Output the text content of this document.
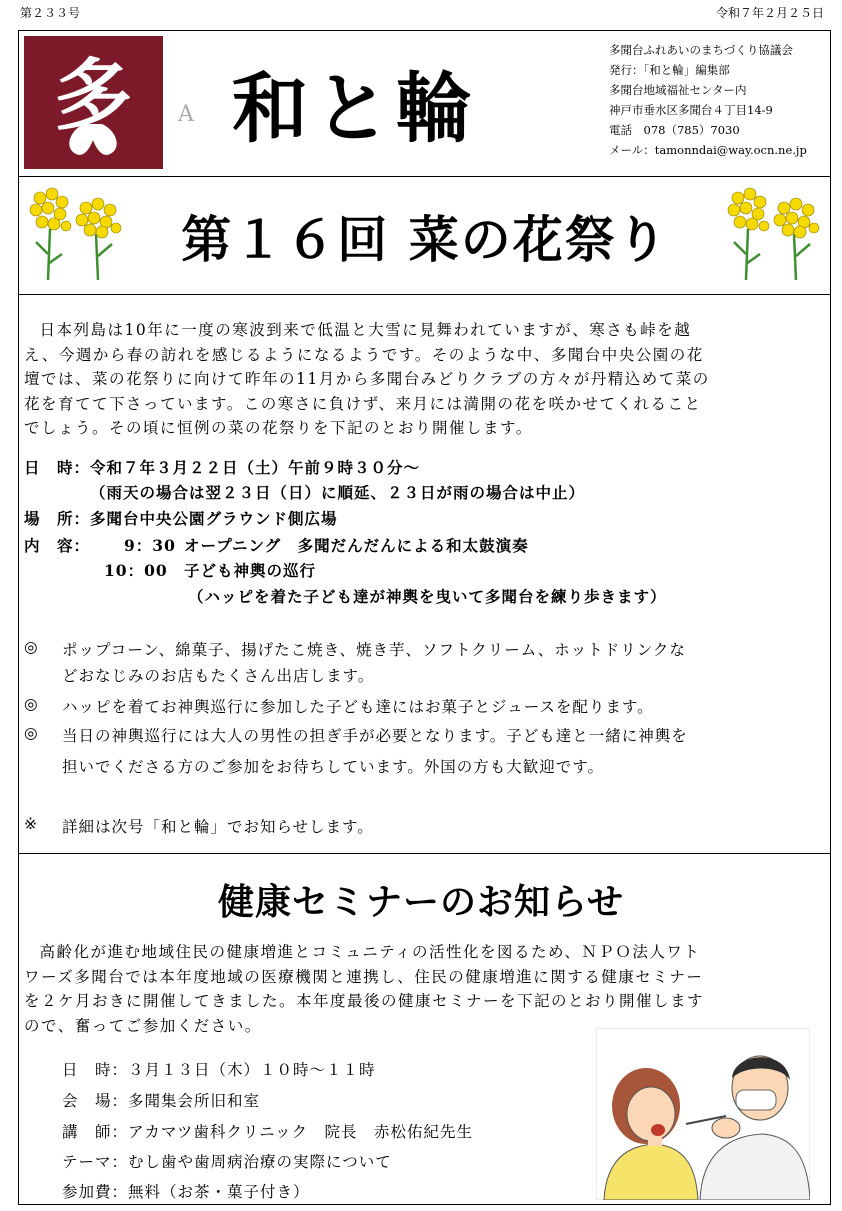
第２３３号	令和７年２月２５日
多 A 和と輪
多聞台ふれあいのまちづくり協議会
発行：「和と輪」編集部
多聞台地域福祉センター内
神戸市垂水区多聞台４丁目14-9
電話　078（785）7030
メール：tamonndai@way.ocn.ne.jp
第１６回 菜の花祭り

日本列島は10年に一度の寒波到来で低温と大雪に見舞われていますが、寒さも峠を越

え、今週から春の訪れを感じるようになるようです。そのような中、多聞台中央公園の花
壇では、菜の花祭りに向けて昨年の11月から多聞台みどりクラブの方々が丹精込めて菜の
花を育てて下さっています。この寒さに負けず、来月には満開の花を咲かせてくれること
でしょう。その頃に恒例の菜の花祭りを下記のとおり開催します。
日　時：令和７年３月２２日（土）午前９時３０分～
（雨天の場合は翌２３日（日）に順延、２３日が雨の場合は中止）
場　所：多聞台中央公園グラウンド側広場
内　容： 9：30 オープニング　多聞だんだんによる和太鼓演奏
10：00 子ども神輿の巡行
（ハッピを着た子ども達が神輿を曳いて多聞台を練り歩きます）
◎ ポップコーン、綿菓子、揚げたこ焼き、焼き芋、ソフトクリーム、ホットドリンクな
どおなじみのお店もたくさん出店します。
◎ ハッピを着てお神輿巡行に参加した子ども達にはお菓子とジュースを配ります。
◎ 当日の神輿巡行には大人の男性の担ぎ手が必要となります。子ども達と一緒に神輿を
担いでくださる方のご参加をお待ちしています。外国の方も大歓迎です。
※ 詳細は次号「和と輪」でお知らせします。
健康セミナーのお知らせ

高齢化が進む地域住民の健康増進とコミュニティの活性化を図るため、ＮＰＯ法人ワト

ワーズ多聞台では本年度地域の医療機関と連携し、住民の健康増進に関する健康セミナー
を２ケ月おきに開催してきました。本年度最後の健康セミナーを下記のとおり開催します
ので、奮ってご参加ください。
日　時：３月１３日（木）１０時～１１時
会　場：多聞集会所旧和室
講　師：アカマツ歯科クリニック　院長　赤松佑紀先生
テーマ：むし歯や歯周病治療の実際について
参加費：無料（お茶・菓子付き）
